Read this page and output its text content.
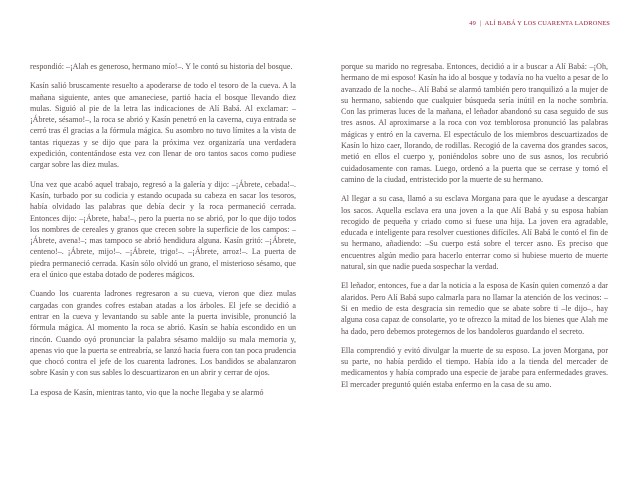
49 | ALÍ BABÁ Y LOS CUARENTA LADRONES

respondió: –¡Alah es generoso, hermano mío!–. Y le contó su historia del bosque.

Kasín salió bruscamente resuelto a apoderarse de todo el tesoro de la cueva. A la mañana siguiente, antes que amaneciese, partió hacia el bosque llevando diez mulas. Siguió al pie de la letra las indicaciones de Alí Babá. Al exclamar: –¡Ábrete, sésamo!–, la roca se abrió y Kasín penetró en la caverna, cuya entrada se cerró tras él gracias a la fórmula mágica. Su asombro no tuvo límites a la vista de tantas riquezas y se dijo que para la próxima vez organizaría una verdadera expedición, contentándose esta vez con llenar de oro tantos sacos como pudiese cargar sobre las diez mulas.

Una vez que acabó aquel trabajo, regresó a la galería y dijo: –¡Ábrete, cebada!–. Kasín, turbado por su codicia y estando ocupada su cabeza en sacar los tesoros, había olvidado las palabras que debía decir y la roca permaneció cerrada. Entonces dijo: –¡Ábrete, haba!–, pero la puerta no se abrió, por lo que dijo todos los nombres de cereales y granos que crecen sobre la superficie de los campos: –¡Ábrete, avena!–; mas tampoco se abrió hendidura alguna. Kasín gritó: –¡Ábrete, centeno!–. ¡Ábrete, mijo!–. –¡Ábrete, trigo!–. –¡Ábrete, arroz!–. La puerta de piedra permaneció cerrada. Kasín sólo olvidó un grano, el misterioso sésamo, que era el único que estaba dotado de poderes mágicos.

Cuando los cuarenta ladrones regresaron a su cueva, vieron que diez mulas cargadas con grandes cofres estaban atadas a los árboles. El jefe se decidió a entrar en la cueva y levantando su sable ante la puerta invisible, pronunció la fórmula mágica. Al momento la roca se abrió. Kasín se había escondido en un rincón. Cuando oyó pronunciar la palabra sésamo maldijo su mala memoria y, apenas vio que la puerta se entreabría, se lanzó hacia fuera con tan poca prudencia que chocó contra el jefe de los cuarenta ladrones. Los bandidos se abalanzaron sobre Kasín y con sus sables lo descuartizaron en un abrir y cerrar de ojos.

La esposa de Kasín, mientras tanto, vio que la noche llegaba y se alarmó

porque su marido no regresaba. Entonces, decidió a ir a buscar a Alí Babá: –¡Oh, hermano de mi esposo! Kasín ha ido al bosque y todavía no ha vuelto a pesar de lo avanzado de la noche–. Alí Babá se alarmó también pero tranquilizó a la mujer de su hermano, sabiendo que cualquier búsqueda sería inútil en la noche sombría. Con las primeras luces de la mañana, el leñador abandonó su casa seguido de sus tres asnos. Al aproximarse a la roca con voz temblorosa pronunció las palabras mágicas y entró en la caverna. El espectáculo de los miembros descuartizados de Kasín lo hizo caer, llorando, de rodillas. Recogió de la caverna dos grandes sacos, metió en ellos el cuerpo y, poniéndolos sobre uno de sus asnos, los recubrió cuidadosamente con ramas. Luego, ordenó a la puerta que se cerrase y tomó el camino de la ciudad, entristecido por la muerte de su hermano.

Al llegar a su casa, llamó a su esclava Morgana para que le ayudase a descargar los sacos. Aquella esclava era una joven a la que Alí Babá y su esposa habían recogido de pequeña y criado como si fuese una hija. La joven era agradable, educada e inteligente para resolver cuestiones difíciles. Alí Babá le contó el fin de su hermano, añadiendo: –Su cuerpo está sobre el tercer asno. Es preciso que encuentres algún medio para hacerlo enterrar como si hubiese muerto de muerte natural, sin que nadie pueda sospechar la verdad.

El leñador, entonces, fue a dar la noticia a la esposa de Kasín quien comenzó a dar alaridos. Pero Alí Babá supo calmarla para no llamar la atención de los vecinos: –Si en medio de esta desgracia sin remedio que se abate sobre ti –le dijo–, hay alguna cosa capaz de consolarte, yo te ofrezco la mitad de los bienes que Alah me ha dado, pero debemos protegernos de los bandoleros guardando el secreto.

Ella comprendió y evitó divulgar la muerte de su esposo. La joven Morgana, por su parte, no había perdido el tiempo. Había ido a la tienda del mercader de medicamentos y había comprado una especie de jarabe para enfermedades graves. El mercader preguntó quién estaba enfermo en la casa de su amo.
